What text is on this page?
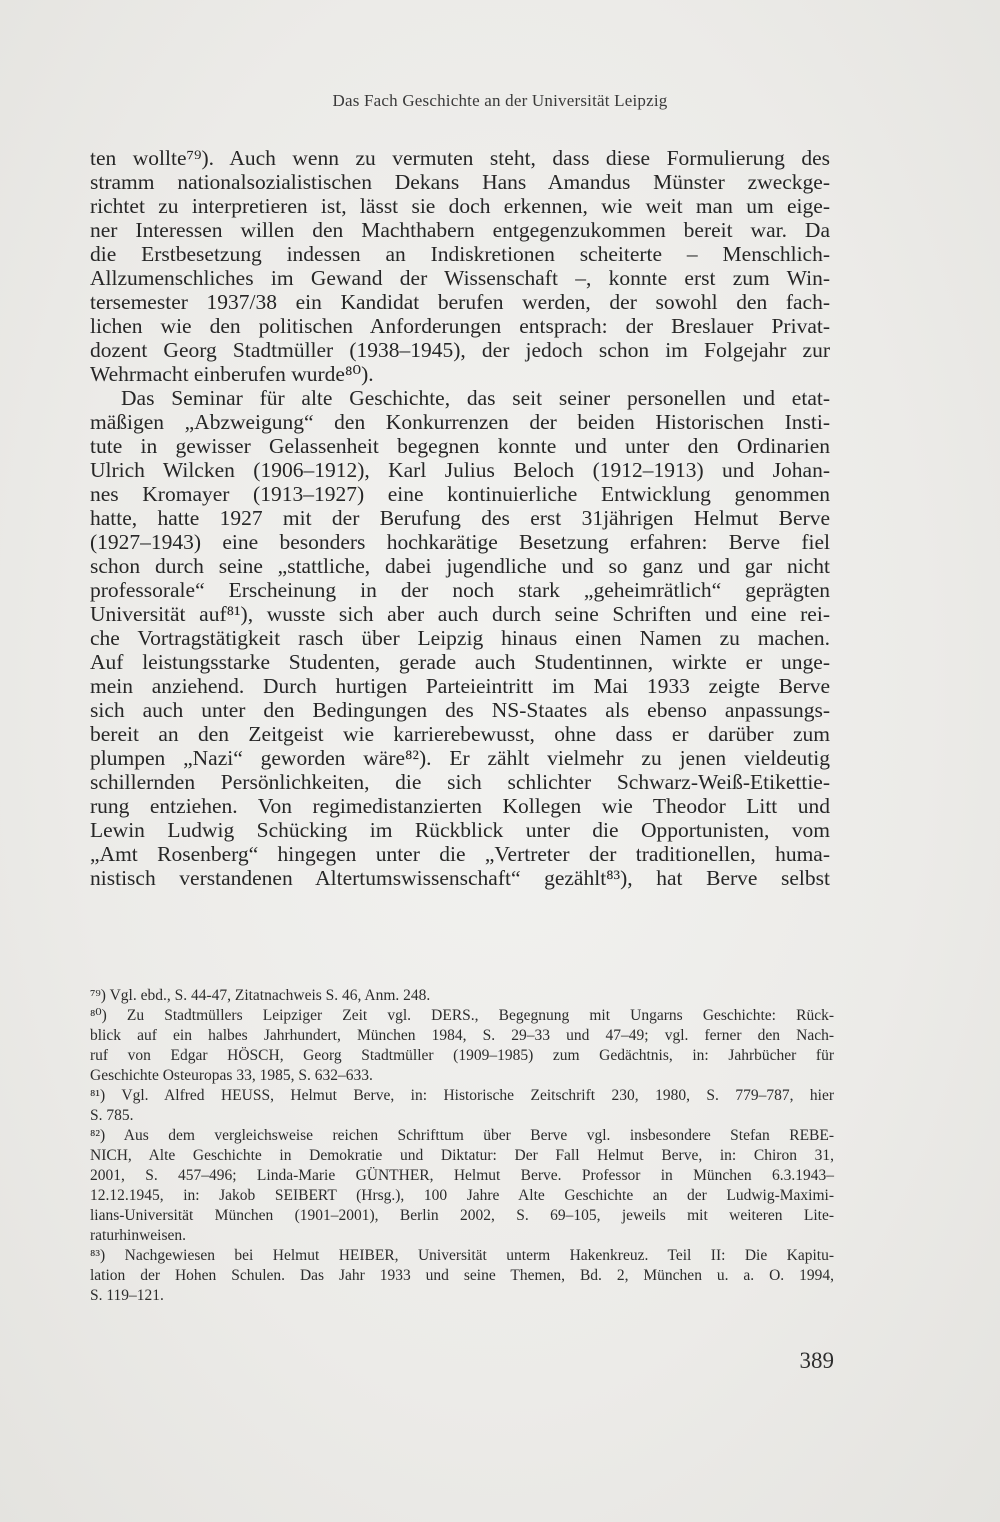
Das Fach Geschichte an der Universität Leipzig
ten wollte⁷⁹). Auch wenn zu vermuten steht, dass diese Formulierung des
stramm nationalsozialistischen Dekans Hans Amandus Münster zweckge-
richtet zu interpretieren ist, lässt sie doch erkennen, wie weit man um eige-
ner Interessen willen den Machthabern entgegenzukommen bereit war. Da
die Erstbesetzung indessen an Indiskretionen scheiterte – Menschlich-
Allzumenschliches im Gewand der Wissenschaft –, konnte erst zum Win-
tersemester 1937/38 ein Kandidat berufen werden, der sowohl den fach-
lichen wie den politischen Anforderungen entsprach: der Breslauer Privat-
dozent Georg Stadtmüller (1938–1945), der jedoch schon im Folgejahr zur
Wehrmacht einberufen wurde⁸⁰).
Das Seminar für alte Geschichte, das seit seiner personellen und etat-
mäßigen „Abzweigung“ den Konkurrenzen der beiden Historischen Insti-
tute in gewisser Gelassenheit begegnen konnte und unter den Ordinarien
Ulrich Wilcken (1906–1912), Karl Julius Beloch (1912–1913) und Johan-
nes Kromayer (1913–1927) eine kontinuierliche Entwicklung genommen
hatte, hatte 1927 mit der Berufung des erst 31jährigen Helmut Berve
(1927–1943) eine besonders hochkarätige Besetzung erfahren: Berve fiel
schon durch seine „stattliche, dabei jugendliche und so ganz und gar nicht
professorale“ Erscheinung in der noch stark „geheimrätlich“ geprägten
Universität auf⁸¹), wusste sich aber auch durch seine Schriften und eine rei-
che Vortragstätigkeit rasch über Leipzig hinaus einen Namen zu machen.
Auf leistungsstarke Studenten, gerade auch Studentinnen, wirkte er unge-
mein anziehend. Durch hurtigen Parteieintritt im Mai 1933 zeigte Berve
sich auch unter den Bedingungen des NS-Staates als ebenso anpassungs-
bereit an den Zeitgeist wie karrierebewusst, ohne dass er darüber zum
plumpen „Nazi“ geworden wäre⁸²). Er zählt vielmehr zu jenen vieldeutig
schillernden Persönlichkeiten, die sich schlichter Schwarz-Weiß-Etikettie-
rung entziehen. Von regimedistanzierten Kollegen wie Theodor Litt und
Lewin Ludwig Schücking im Rückblick unter die Opportunisten, vom
„Amt Rosenberg“ hingegen unter die „Vertreter der traditionellen, huma-
nistisch verstandenen Altertumswissenschaft“ gezählt⁸³), hat Berve selbst
⁷⁹) Vgl. ebd., S. 44-47, Zitatnachweis S. 46, Anm. 248.
⁸⁰) Zu Stadtmüllers Leipziger Zeit vgl. DERS., Begegnung mit Ungarns Geschichte: Rück-
blick auf ein halbes Jahrhundert, München 1984, S. 29–33 und 47–49; vgl. ferner den Nach-
ruf von Edgar HÖSCH, Georg Stadtmüller (1909–1985) zum Gedächtnis, in: Jahrbücher für
Geschichte Osteuropas 33, 1985, S. 632–633.
⁸¹) Vgl. Alfred HEUSS, Helmut Berve, in: Historische Zeitschrift 230, 1980, S. 779–787, hier
S. 785.
⁸²) Aus dem vergleichsweise reichen Schrifttum über Berve vgl. insbesondere Stefan REBE-
NICH, Alte Geschichte in Demokratie und Diktatur: Der Fall Helmut Berve, in: Chiron 31,
2001, S. 457–496; Linda-Marie GÜNTHER, Helmut Berve. Professor in München 6.3.1943–
12.12.1945, in: Jakob SEIBERT (Hrsg.), 100 Jahre Alte Geschichte an der Ludwig-Maximi-
lians-Universität München (1901–2001), Berlin 2002, S. 69–105, jeweils mit weiteren Lite-
raturhinweisen.
⁸³) Nachgewiesen bei Helmut HEIBER, Universität unterm Hakenkreuz. Teil II: Die Kapitu-
lation der Hohen Schulen. Das Jahr 1933 und seine Themen, Bd. 2, München u. a. O. 1994,
S. 119–121.
389
